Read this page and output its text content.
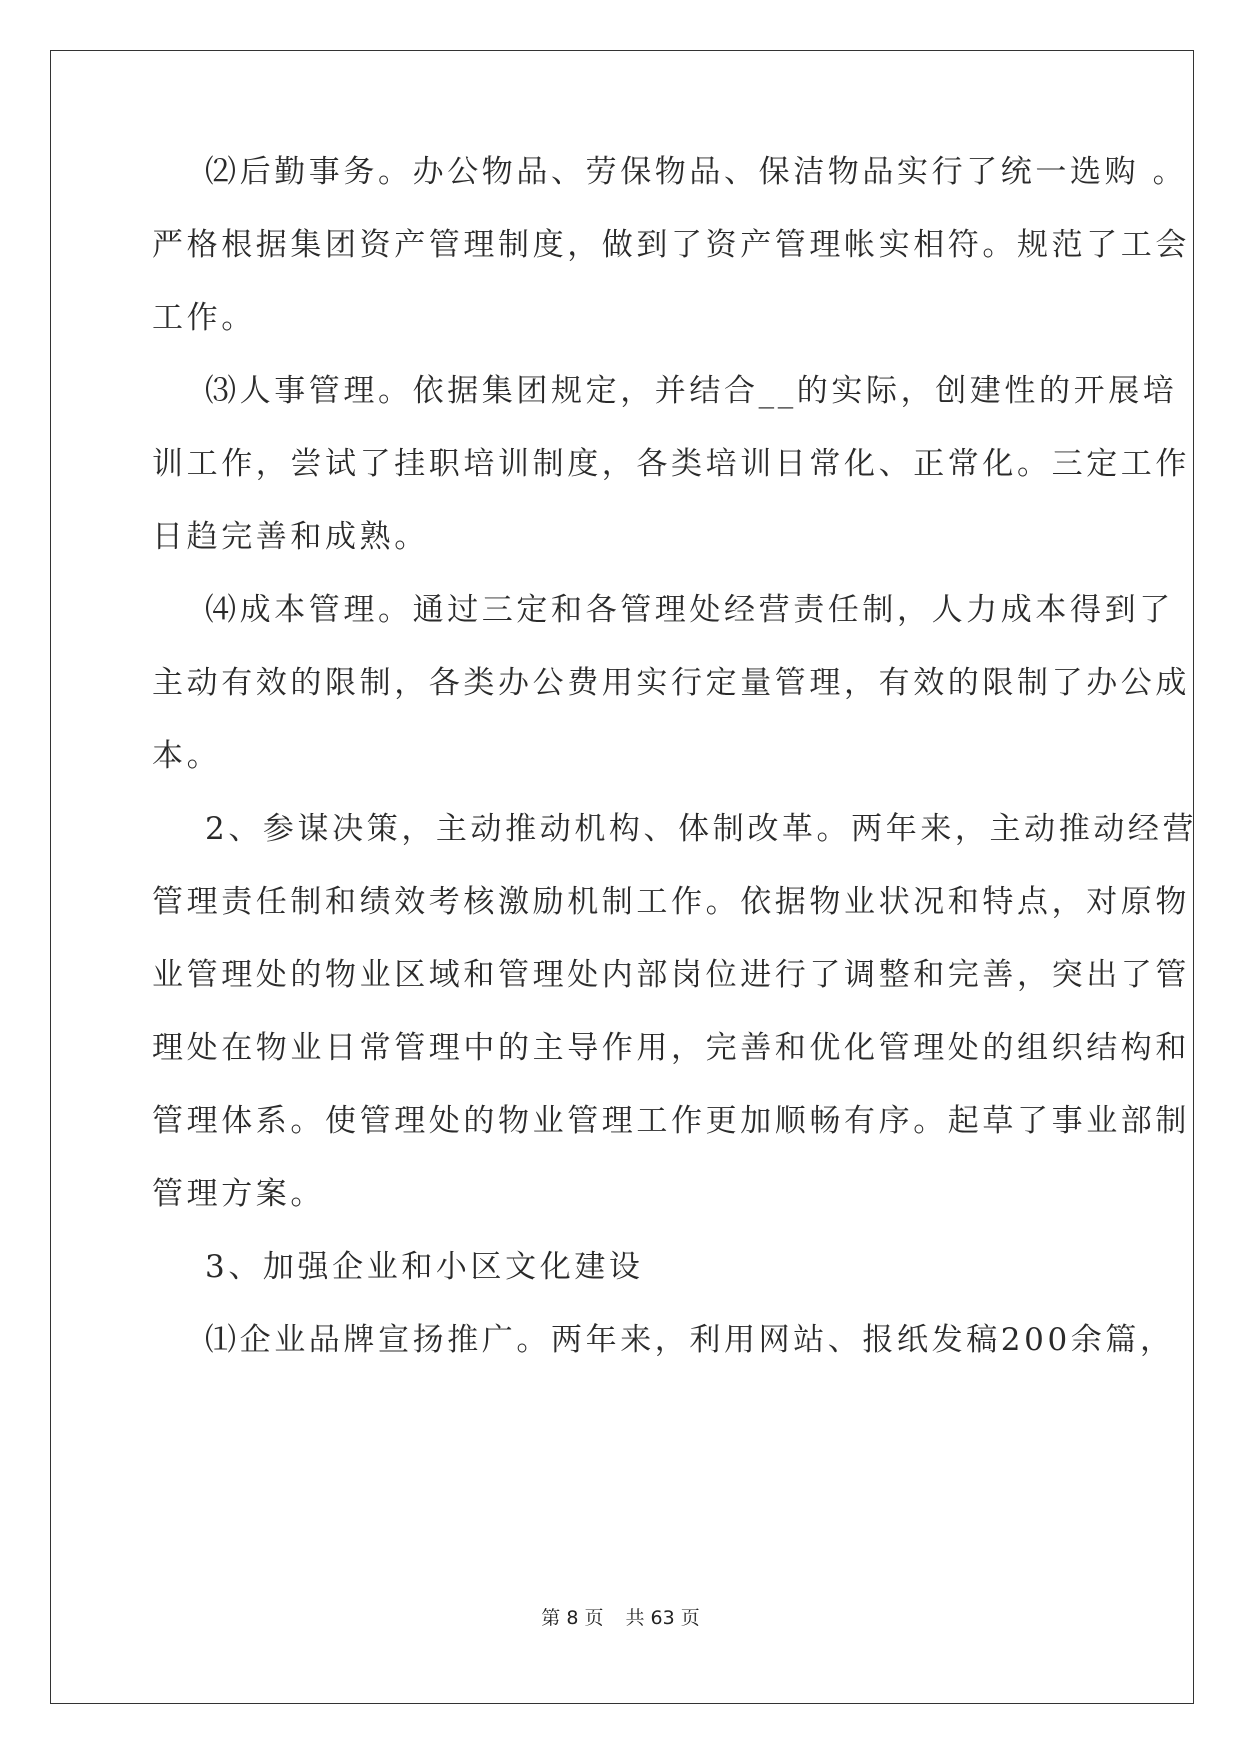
⑵后勤事务。办公物品、劳保物品、保洁物品实行了统一选购 。
严格根据集团资产管理制度，做到了资产管理帐实相符。规范了工会
工作。
⑶人事管理。依据集团规定，并结合__的实际，创建性的开展培
训工作，尝试了挂职培训制度，各类培训日常化、正常化。三定工作
日趋完善和成熟。
⑷成本管理。通过三定和各管理处经营责任制，人力成本得到了
主动有效的限制，各类办公费用实行定量管理，有效的限制了办公成
本。
2、参谋决策，主动推动机构、体制改革。两年来，主动推动经营
管理责任制和绩效考核激励机制工作。依据物业状况和特点，对原物
业管理处的物业区域和管理处内部岗位进行了调整和完善，突出了管
理处在物业日常管理中的主导作用，完善和优化管理处的组织结构和
管理体系。使管理处的物业管理工作更加顺畅有序。起草了事业部制
管理方案。
3、加强企业和小区文化建设
⑴企业品牌宣扬推广。两年来，利用网站、报纸发稿200余篇，
第 8 页 共 63 页
